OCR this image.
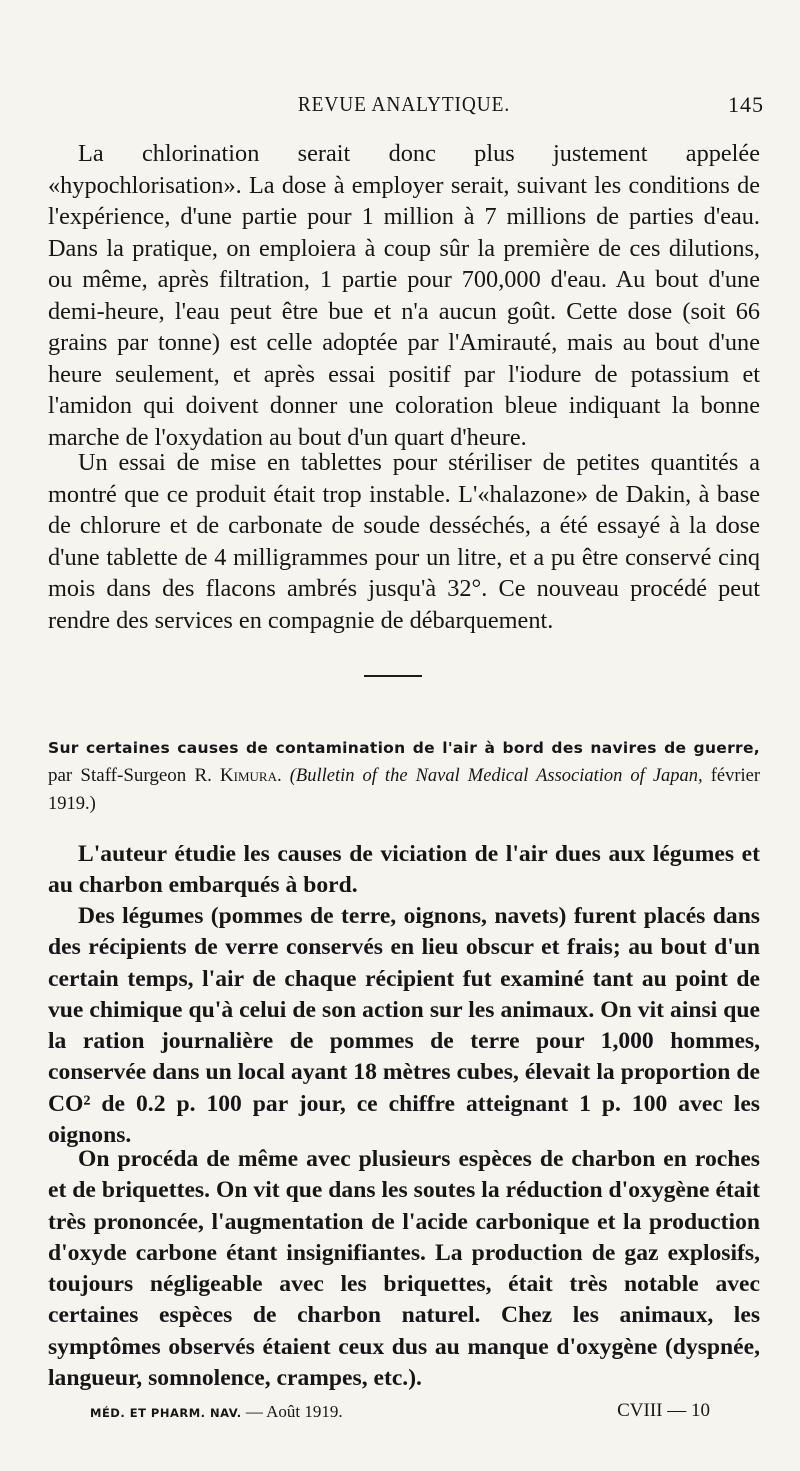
REVUE ANALYTIQUE.	145

La chlorination serait donc plus justement appelée «hypochlorisation». La dose à employer serait, suivant les conditions de l'expérience, d'une partie pour 1 million à 7 millions de parties d'eau. Dans la pratique, on emploiera à coup sûr la première de ces dilutions, ou même, après filtration, 1 partie pour 700,000 d'eau. Au bout d'une demi-heure, l'eau peut être bue et n'a aucun goût. Cette dose (soit 66 grains par tonne) est celle adoptée par l'Amirauté, mais au bout d'une heure seulement, et après essai positif par l'iodure de potassium et l'amidon qui doivent donner une coloration bleue indiquant la bonne marche de l'oxydation au bout d'un quart d'heure.

Un essai de mise en tablettes pour stériliser de petites quantités a montré que ce produit était trop instable. L'«halazone» de Dakin, à base de chlorure et de carbonate de soude desséchés, a été essayé à la dose d'une tablette de 4 milligrammes pour un litre, et a pu être conservé cinq mois dans des flacons ambrés jusqu'à 32°. Ce nouveau procédé peut rendre des services en compagnie de débarquement.

Sur certaines causes de contamination de l'air à bord des navires de guerre, par Staff-Surgeon R. Kimura. (Bulletin of the Naval Medical Association of Japan, février 1919.)

L'auteur étudie les causes de viciation de l'air dues aux légumes et au charbon embarqués à bord.

Des légumes (pommes de terre, oignons, navets) furent placés dans des récipients de verre conservés en lieu obscur et frais; au bout d'un certain temps, l'air de chaque récipient fut examiné tant au point de vue chimique qu'à celui de son action sur les animaux. On vit ainsi que la ration journalière de pommes de terre pour 1,000 hommes, conservée dans un local ayant 18 mètres cubes, élevait la proportion de CO² de 0.2 p. 100 par jour, ce chiffre atteignant 1 p. 100 avec les oignons.

On procéda de même avec plusieurs espèces de charbon en roches et de briquettes. On vit que dans les soutes la réduction d'oxygène était très prononcée, l'augmentation de l'acide carbonique et la production d'oxyde carbone étant insignifiantes. La production de gaz explosifs, toujours négligeable avec les briquettes, était très notable avec certaines espèces de charbon naturel. Chez les animaux, les symptômes observés étaient ceux dus au manque d'oxygène (dyspnée, langueur, somnolence, crampes, etc.).

MÉD. ET PHARM. NAV. — Août 1919.	CVIII — 10
